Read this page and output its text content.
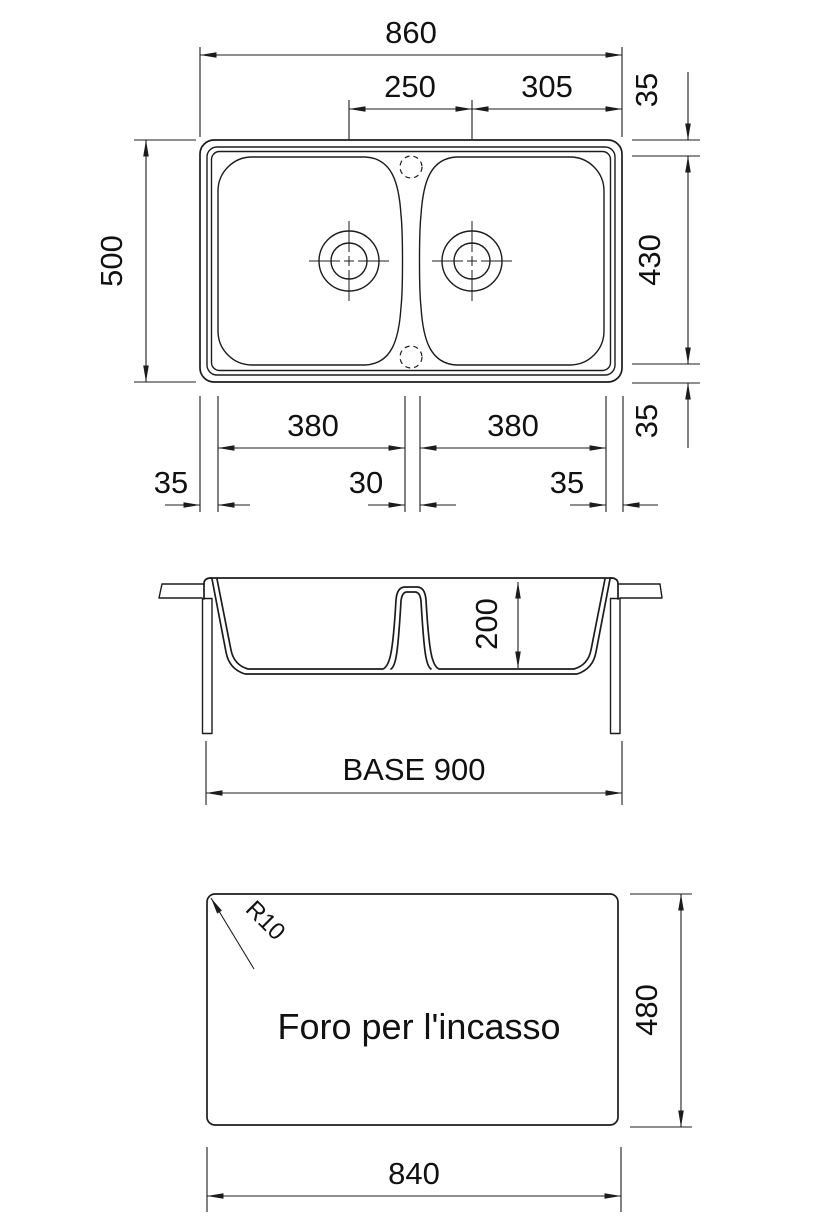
860
250	305
500
35
430
35
380	380
35	30	35
200
BASE 900
R10
Foro per l'incasso 480
840
